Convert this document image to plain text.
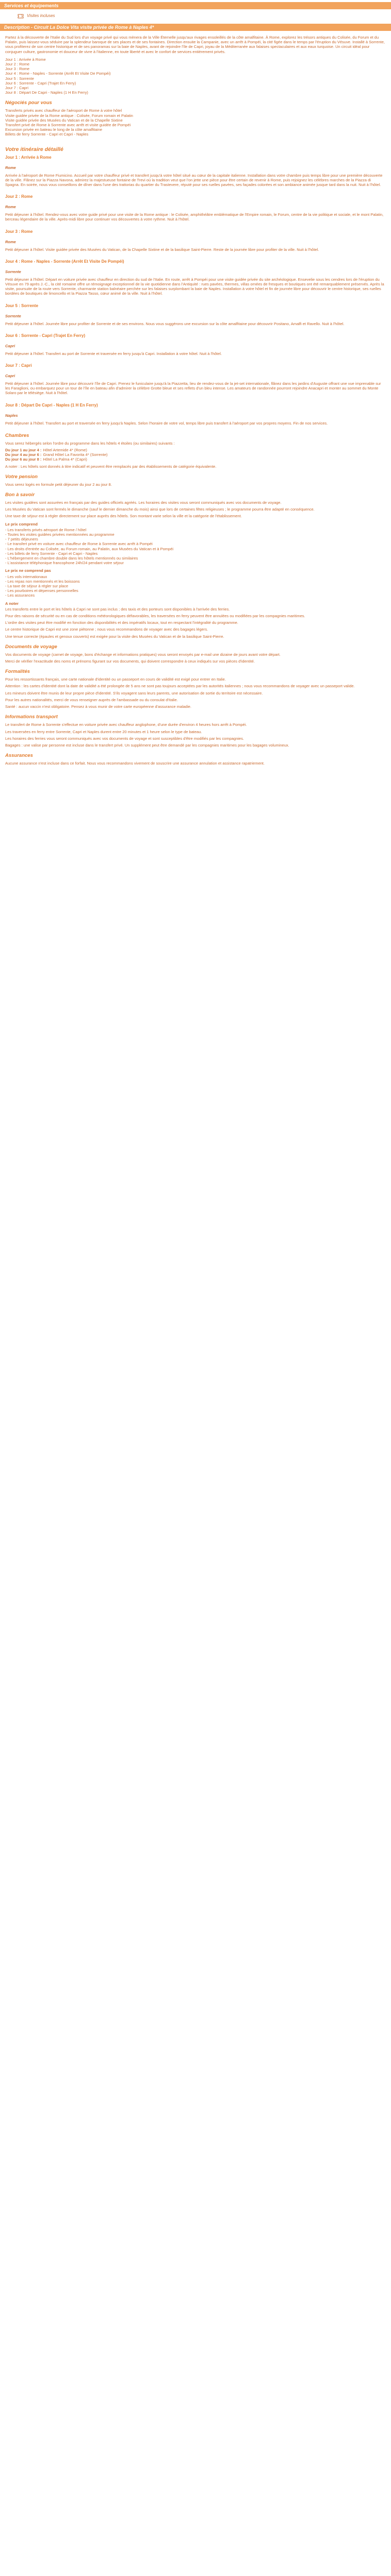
Services et équipements
Visites incluses
Description - Circuit La Dolce Vita visite privée de Rome à Naples 4*

Partez à la découverte de l'Italie du Sud lors d'un voyage privé qui vous mènera de la Ville Éternelle jusqu'aux rivages ensoleillés de la côte amalfitaine. À Rome, explorez les trésors antiques du Colisée, du Forum et du Palatin, puis laissez-vous séduire par la splendeur baroque de ses places et de ses fontaines. Direction ensuite la Campanie, avec un arrêt à Pompéi, la cité figée dans le temps par l'éruption du Vésuve. Installé à Sorrente, vous profiterez de son centre historique et de ses panoramas sur la baie de Naples, avant de rejoindre l'île de Capri, joyau de la Méditerranée aux falaises spectaculaires et aux eaux turquoise. Un circuit idéal pour conjuguer culture, gastronomie et douceur de vivre à l'italienne, en toute liberté et avec le confort de services entièrement privés.

Jour 1 : Arrivée à Rome
Jour 2 : Rome
Jour 3 : Rome
Jour 4 : Rome - Naples - Sorrente (Arrêt Et Visite De Pompéi)
Jour 5 : Sorrente
Jour 6 : Sorrente - Capri (Trajet En Ferry)
Jour 7 : Capri
Jour 8 : Départ De Capri - Naples (1 H En Ferry)
Négociés pour vous
Transferts privés avec chauffeur de l'aéroport de Rome à votre hôtel
Visite guidée privée de la Rome antique : Colisée, Forum romain et Palatin
Visite guidée privée des Musées du Vatican et de la Chapelle Sixtine
Transfert privé de Rome à Sorrente avec arrêt et visite guidée de Pompéi
Excursion privée en bateau le long de la côte amalfitaine
Billets de ferry Sorrente - Capri et Capri - Naples
Votre itinéraire détaillé
Jour 1 : Arrivée à Rome
Rome

Arrivée à l'aéroport de Rome Fiumicino. Accueil par votre chauffeur privé et transfert jusqu'à votre hôtel situé au cœur de la capitale italienne. Installation dans votre chambre puis temps libre pour une première découverte de la ville. Flânez sur la Piazza Navona, admirez la majestueuse fontaine de Trevi où la tradition veut que l'on jette une pièce pour être certain de revenir à Rome, puis rejoignez les célèbres marches de la Piazza di Spagna. En soirée, nous vous conseillons de dîner dans l'une des trattorias du quartier du Trastevere, réputé pour ses ruelles pavées, ses façades colorées et son ambiance animée jusque tard dans la nuit. Nuit à l'hôtel.

Jour 2 : Rome
Rome

Petit déjeuner à l'hôtel. Rendez-vous avec votre guide privé pour une visite de la Rome antique : le Colisée, amphithéâtre emblématique de l'Empire romain, le Forum, centre de la vie politique et sociale, et le mont Palatin, berceau légendaire de la ville. Après-midi libre pour continuer vos découvertes à votre rythme. Nuit à l'hôtel.

Jour 3 : Rome
Rome

Petit déjeuner à l'hôtel. Visite guidée privée des Musées du Vatican, de la Chapelle Sixtine et de la basilique Saint-Pierre. Reste de la journée libre pour profiter de la ville. Nuit à l'hôtel.

Jour 4 : Rome - Naples - Sorrente (Arrêt Et Visite De Pompéi)
Sorrente

Petit déjeuner à l'hôtel. Départ en voiture privée avec chauffeur en direction du sud de l'Italie. En route, arrêt à Pompéi pour une visite guidée privée du site archéologique. Ensevelie sous les cendres lors de l'éruption du Vésuve en 79 après J.-C., la cité romaine offre un témoignage exceptionnel de la vie quotidienne dans l'Antiquité : rues pavées, thermes, villas ornées de fresques et boutiques ont été remarquablement préservés. Après la visite, poursuite de la route vers Sorrente, charmante station balnéaire perchée sur les falaises surplombant la baie de Naples. Installation à votre hôtel et fin de journée libre pour découvrir le centre historique, ses ruelles bordées de boutiques de limoncello et la Piazza Tasso, cœur animé de la ville. Nuit à l'hôtel.

Jour 5 : Sorrente
Sorrente

Petit déjeuner à l'hôtel. Journée libre pour profiter de Sorrente et de ses environs. Nous vous suggérons une excursion sur la côte amalfitaine pour découvrir Positano, Amalfi et Ravello. Nuit à l'hôtel.

Jour 6 : Sorrente - Capri (Trajet En Ferry)
Capri

Petit déjeuner à l'hôtel. Transfert au port de Sorrente et traversée en ferry jusqu'à Capri. Installation à votre hôtel. Nuit à l'hôtel.

Jour 7 : Capri
Capri

Petit déjeuner à l'hôtel. Journée libre pour découvrir l'île de Capri. Prenez le funiculaire jusqu'à la Piazzetta, lieu de rendez-vous de la jet-set internationale, flânez dans les jardins d'Auguste offrant une vue imprenable sur les Faraglioni, ou embarquez pour un tour de l'île en bateau afin d'admirer la célèbre Grotte bleue et ses reflets d'un bleu intense. Les amateurs de randonnée pourront rejoindre Anacapri et monter au sommet du Monte Solaro par le télésiège. Nuit à l'hôtel.

Jour 8 : Départ De Capri - Naples (1 H En Ferry)
Naples

Petit déjeuner à l'hôtel. Transfert au port et traversée en ferry jusqu'à Naples. Selon l'horaire de votre vol, temps libre puis transfert à l'aéroport par vos propres moyens. Fin de nos services.

Chambres

Vous serez hébergés selon l'ordre du programme dans les hôtels 4 étoiles (ou similaires) suivants :

Du jour 1 au jour 4 : Hôtel Artemide 4* (Rome)
Du jour 4 au jour 6 : Grand Hôtel La Favorita 4* (Sorrente)
Du jour 6 au jour 8 : Hôtel La Palma 4* (Capri)

A noter : Les hôtels sont donnés à titre indicatif et peuvent être remplacés par des établissements de catégorie équivalente.

Votre pension

Vous serez logés en formule petit déjeuner du jour 2 au jour 8.

Bon à savoir
Les visites guidées sont assurées en français par des guides officiels agréés. Les horaires des visites vous seront communiqués avec vos documents de voyage.
Les Musées du Vatican sont fermés le dimanche (sauf le dernier dimanche du mois) ainsi que lors de certaines fêtes religieuses ; le programme pourra être adapté en conséquence.
Une taxe de séjour est à régler directement sur place auprès des hôtels. Son montant varie selon la ville et la catégorie de l'établissement.
Le prix comprend
- Les transferts privés aéroport de Rome / hôtel
- Toutes les visites guidées privées mentionnées au programme
- 7 petits déjeuners
- Le transfert privé en voiture avec chauffeur de Rome à Sorrente avec arrêt à Pompéi
- Les droits d'entrée au Colisée, au Forum romain, au Palatin, aux Musées du Vatican et à Pompéi
- Les billets de ferry Sorrente - Capri et Capri - Naples
- L'hébergement en chambre double dans les hôtels mentionnés ou similaires
- L'assistance téléphonique francophone 24h/24 pendant votre séjour
Le prix ne comprend pas
- Les vols internationaux
- Les repas non mentionnés et les boissons
- La taxe de séjour à régler sur place
- Les pourboires et dépenses personnelles
- Les assurances
A noter
Les transferts entre le port et les hôtels à Capri ne sont pas inclus ; des taxis et des porteurs sont disponibles à l'arrivée des ferries.
Pour des raisons de sécurité ou en cas de conditions météorologiques défavorables, les traversées en ferry peuvent être annulées ou modifiées par les compagnies maritimes.
L'ordre des visites peut être modifié en fonction des disponibilités et des impératifs locaux, tout en respectant l'intégralité du programme.
Le centre historique de Capri est une zone piétonne ; nous vous recommandons de voyager avec des bagages légers.
Une tenue correcte (épaules et genoux couverts) est exigée pour la visite des Musées du Vatican et de la basilique Saint-Pierre.
Documents de voyage
Vos documents de voyage (carnet de voyage, bons d'échange et informations pratiques) vous seront envoyés par e-mail une dizaine de jours avant votre départ.
Merci de vérifier l'exactitude des noms et prénoms figurant sur vos documents, qui doivent correspondre à ceux indiqués sur vos pièces d'identité.
Formalités
Pour les ressortissants français, une carte nationale d'identité ou un passeport en cours de validité est exigé pour entrer en Italie.
Attention : les cartes d'identité dont la date de validité a été prolongée de 5 ans ne sont pas toujours acceptées par les autorités italiennes ; nous vous recommandons de voyager avec un passeport valide.
Les mineurs doivent être munis de leur propre pièce d'identité. S'ils voyagent sans leurs parents, une autorisation de sortie du territoire est nécessaire.
Pour les autres nationalités, merci de vous renseigner auprès de l'ambassade ou du consulat d'Italie.
Santé : aucun vaccin n'est obligatoire. Pensez à vous munir de votre carte européenne d'assurance maladie.
Informations transport
Le transfert de Rome à Sorrente s'effectue en voiture privée avec chauffeur anglophone, d'une durée d'environ 4 heures hors arrêt à Pompéi.
Les traversées en ferry entre Sorrente, Capri et Naples durent entre 20 minutes et 1 heure selon le type de bateau.
Les horaires des ferries vous seront communiqués avec vos documents de voyage et sont susceptibles d'être modifiés par les compagnies.
Bagages : une valise par personne est incluse dans le transfert privé. Un supplément peut être demandé par les compagnies maritimes pour les bagages volumineux.
Assurances
Aucune assurance n'est incluse dans ce forfait. Nous vous recommandons vivement de souscrire une assurance annulation et assistance rapatriement.
